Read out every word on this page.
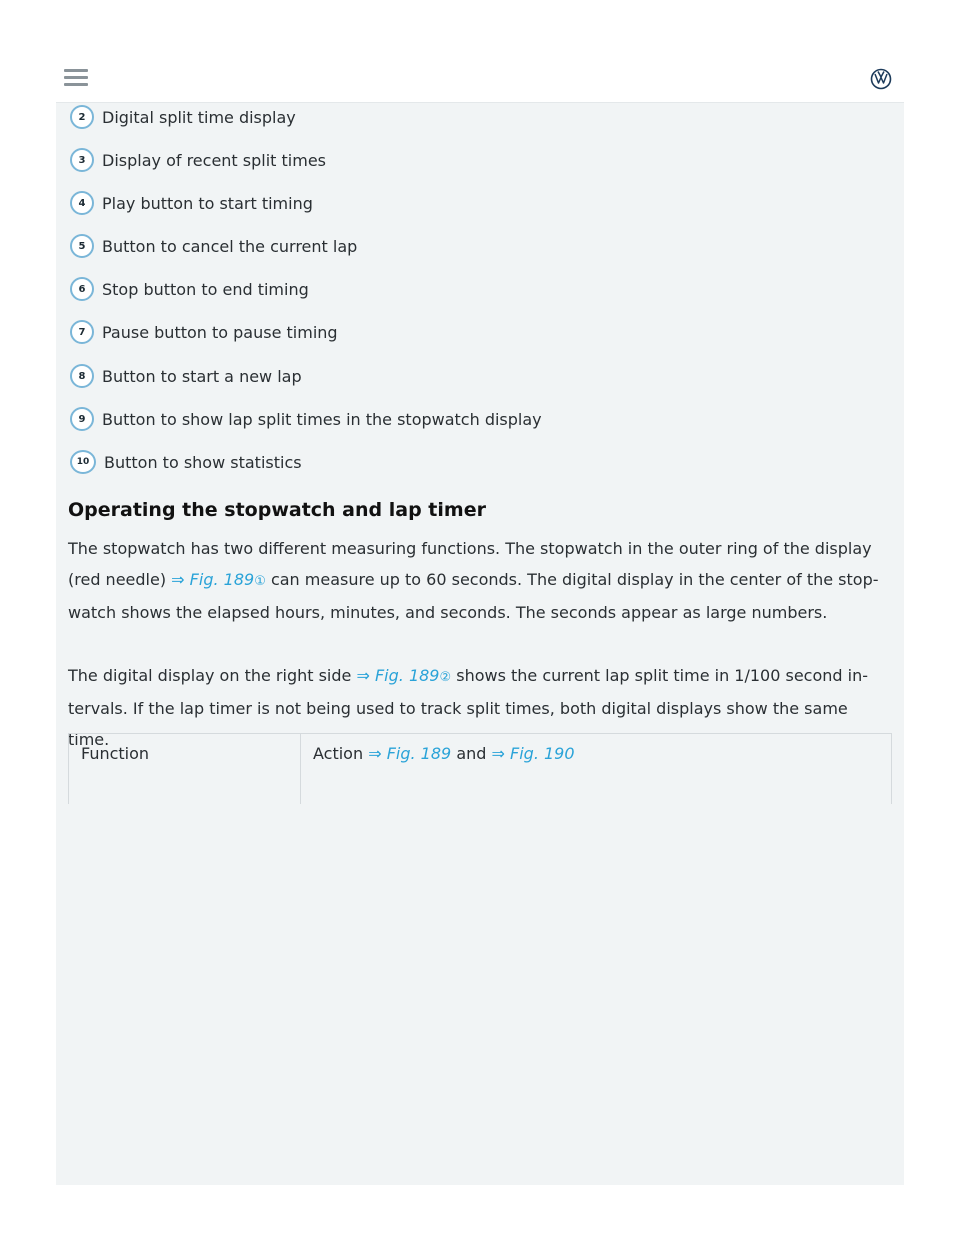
2	Digital split time display
3	Display of recent split times
4	Play button to start timing
5	Button to cancel the current lap
6	Stop button to end timing
7	Pause button to pause timing
8	Button to start a new lap
9	Button to show lap split times in the stopwatch display
10 Button to show statistics
Operating the stopwatch and lap timer

The stopwatch has two different measuring functions. The stopwatch in the outer ring of the display (red needle) ⇒ Fig. 189① can measure up to 60 seconds. The digital display in the center of the stop-watch shows the elapsed hours, minutes, and seconds. The seconds appear as large numbers.

The digital display on the right side ⇒ Fig. 189② shows the current lap split time in 1/100 second in-tervals. If the lap timer is not being used to track split times, both digital displays show the same time.

Function	Action ⇒ Fig. 189 and ⇒ Fig. 190
